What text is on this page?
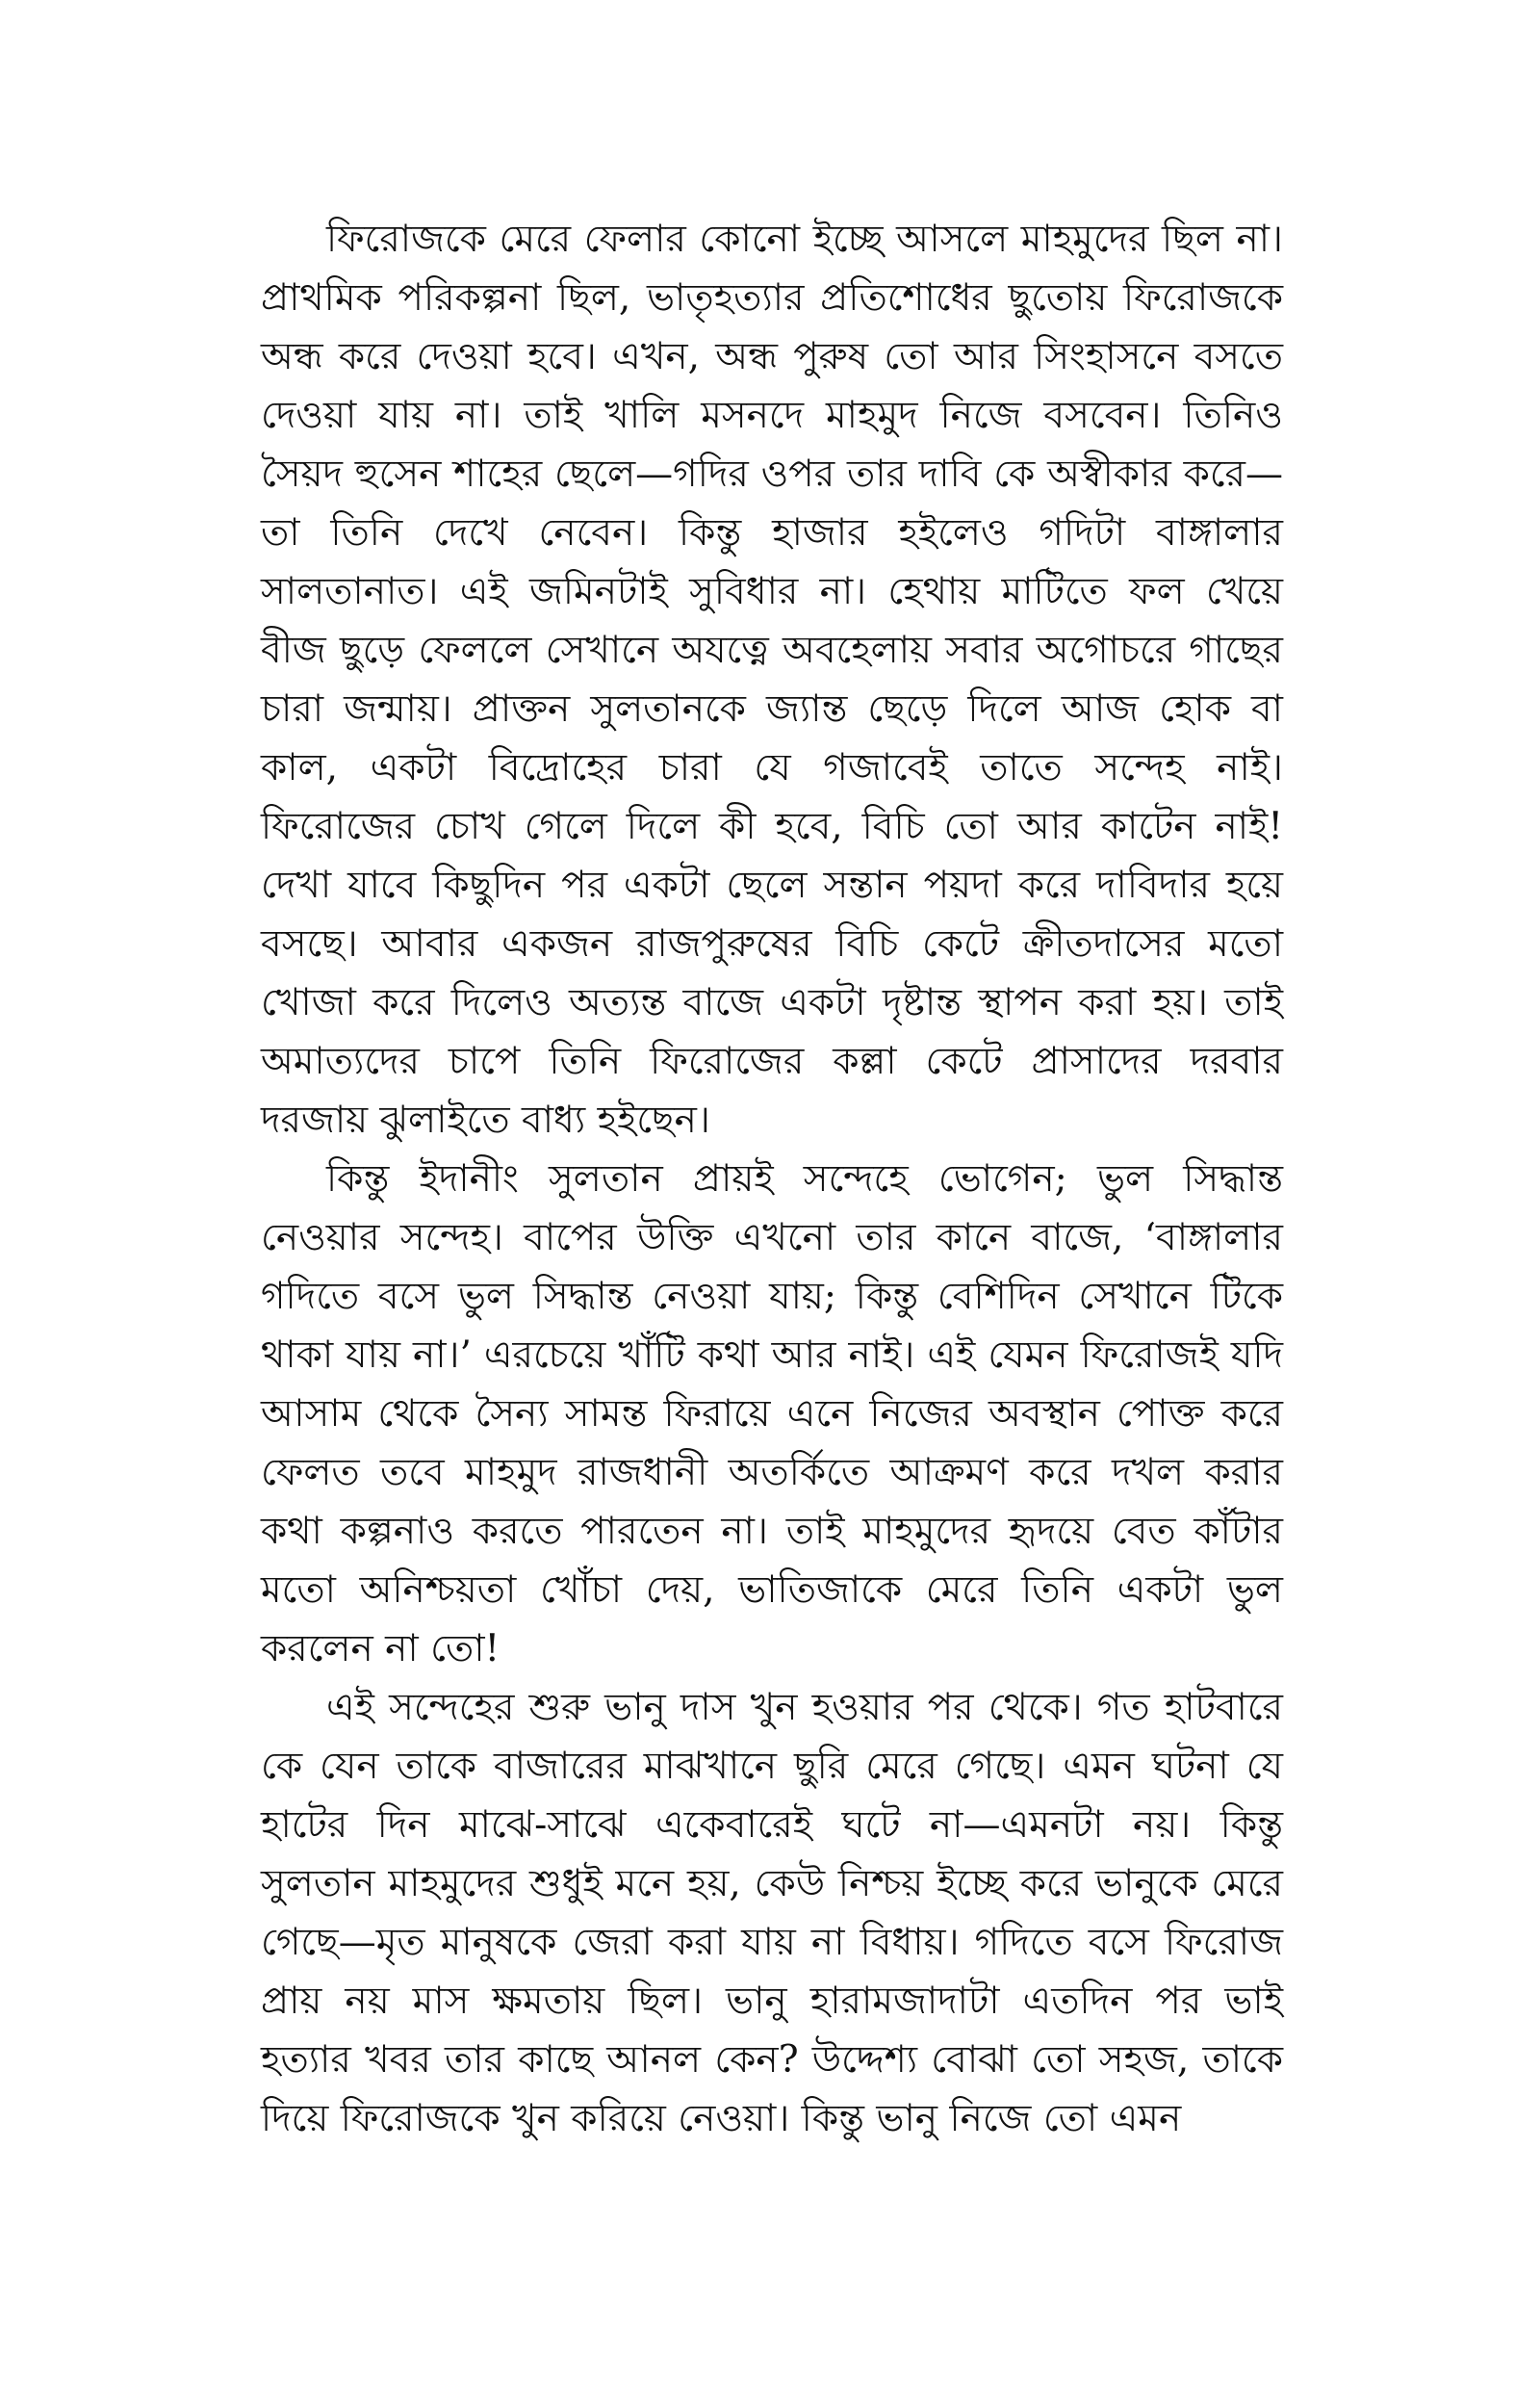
ফিরোজকে মেরে ফেলার কোনো ইচ্ছে আসলে মাহমুদের ছিল না। প্রাথমিক পরিকল্পনা ছিল, ভাতৃহত্যার প্রতিশোধের ছুতোয় ফিরোজকে অন্ধ করে দেওয়া হবে। এখন, অন্ধ পুরুষ তো আর সিংহাসনে বসতে দেওয়া যায় না। তাই খালি মসনদে মাহমুদ নিজে বসবেন। তিনিও সৈয়দ হুসেন শাহের ছেলে—গদির ওপর তার দাবি কে অস্বীকার করে—তা তিনি দেখে নেবেন। কিন্তু হাজার হইলেও গদিটা বাঙ্গালার সালতানাত। এই জমিনটাই সুবিধার না। হেথায় মাটিতে ফল খেয়ে বীজ ছুড়ে ফেললে সেখানে অযত্নে অবহেলায় সবার অগোচরে গাছের চারা জন্মায়। প্রাক্তন সুলতানকে জ্যান্ত ছেড়ে দিলে আজ হোক বা কাল, একটা বিদ্রোহের চারা যে গজাবেই তাতে সন্দেহ নাই। ফিরোজের চোখ গেলে দিলে কী হবে, বিচি তো আর কাটেন নাই! দেখা যাবে কিছুদিন পর একটা ছেলে সন্তান পয়দা করে দাবিদার হয়ে বসছে। আবার একজন রাজপুরুষের বিচি কেটে ক্রীতদাসের মতো খোজা করে দিলেও অত্যন্ত বাজে একটা দৃষ্টান্ত স্থাপন করা হয়। তাই অমাত্যদের চাপে তিনি ফিরোজের কল্লা কেটে প্রাসাদের দরবার দরজায় ঝুলাইতে বাধ্য হইছেন।

কিন্তু ইদানীং সুলতান প্রায়ই সন্দেহে ভোগেন; ভুল সিদ্ধান্ত নেওয়ার সন্দেহ। বাপের উক্তি এখনো তার কানে বাজে, ‘বাঙ্গালার গদিতে বসে ভুল সিদ্ধান্ত নেওয়া যায়; কিন্তু বেশিদিন সেখানে টিকে থাকা যায় না।’ এরচেয়ে খাঁটি কথা আর নাই। এই যেমন ফিরোজই যদি আসাম থেকে সৈন্য সামন্ত ফিরায়ে এনে নিজের অবস্থান পোক্ত করে ফেলত তবে মাহমুদ রাজধানী অতর্কিতে আক্রমণ করে দখল করার কথা কল্পনাও করতে পারতেন না। তাই মাহমুদের হৃদয়ে বেত কাঁটার মতো অনিশ্চয়তা খোঁচা দেয়, ভাতিজাকে মেরে তিনি একটা ভুল করলেন না তো!

এই সন্দেহের শুরু ভানু দাস খুন হওয়ার পর থেকে। গত হাটবারে কে যেন তাকে বাজারের মাঝখানে ছুরি মেরে গেছে। এমন ঘটনা যে হাটের দিন মাঝে-সাঝে একেবারেই ঘটে না—এমনটা নয়। কিন্তু সুলতান মাহমুদের শুধুই মনে হয়, কেউ নিশ্চয় ইচ্ছে করে ভানুকে মেরে গেছে—মৃত মানুষকে জেরা করা যায় না বিধায়। গদিতে বসে ফিরোজ প্রায় নয় মাস ক্ষমতায় ছিল। ভানু হারামজাদাটা এতদিন পর ভাই হত্যার খবর তার কাছে আনল কেন? উদ্দেশ্য বোঝা তো সহজ, তাকে দিয়ে ফিরোজকে খুন করিয়ে নেওয়া। কিন্তু ভানু নিজে তো এমন
